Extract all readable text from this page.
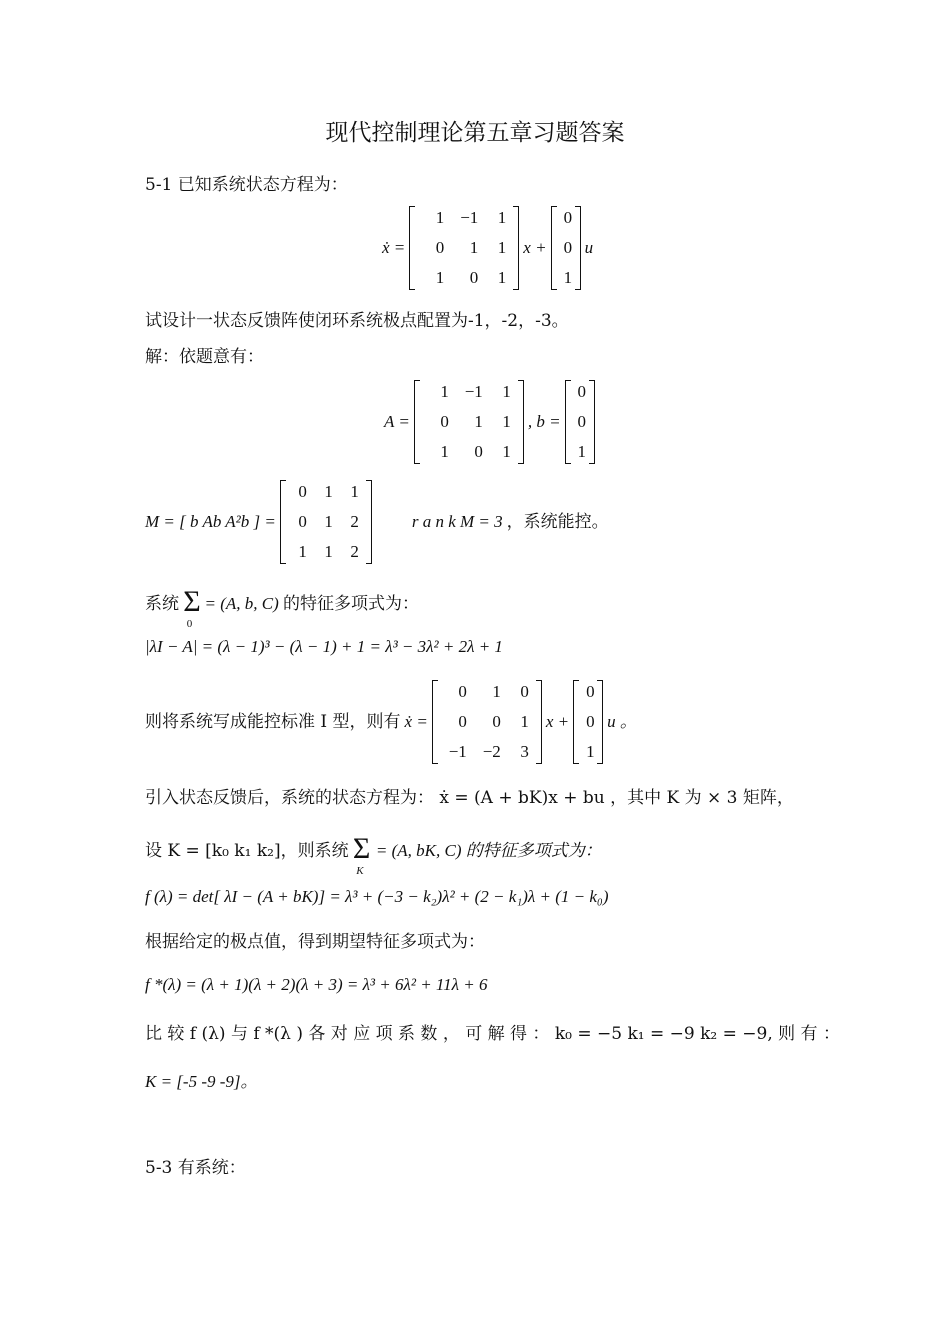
现代控制理论第五章习题答案
5-1 已知系统状态方程为：
ẋ =
1 −1	1
0	1	1
1	0	1
x +
0
0
1
u
试设计一状态反馈阵使闭环系统极点配置为-1，-2，-3。
解：依题意有：
A =
1 −1	1
0	1	1
1	0	1
, b =
0
0
1
M = [ b Ab A²b ] =
0	1	1
0	1	2
1	1	2
r a n k M = 3 ，系统能控。
系统 $\Sigma_0 = (A$, b, C) 的特征多项式为：
|λI − A| = (λ − 1)³ − (λ − 1) + 1 = λ³ − 3λ² + 2λ + 1
则将系统写成能控标准 I 型，则有 ẋ =
0	1	0
0	0	1
−1 −2	3
x +
0
0
1
u 。
引入状态反馈后，系统的状态方程为： ẋ = (A + bK)x + bu ，其中 K 为 × 3 矩阵，
设 K = [k₀ k₁ k₂]，则系统 $\Sigma_K = (A$, bK, C) 的特征多项式为：
f (λ) = det[ λI − (A + bK)] = λ³ + (−3 − k₂)λ² + (2 − k₁)λ + (1 − k₀)
根据给定的极点值，得到期望特征多项式为：
f *(λ) = (λ + 1)(λ + 2)(λ + 3) = λ³ + 6λ² + 11λ + 6
比 较 f (λ) 与 f *(λ ) 各 对 应 项 系 数 ， 可 解 得 ： k₀ = −5 k₁ = −9 k₂ = −9, 则 有 ：
K = [-5 -9 -9]。
5-3 有系统：
